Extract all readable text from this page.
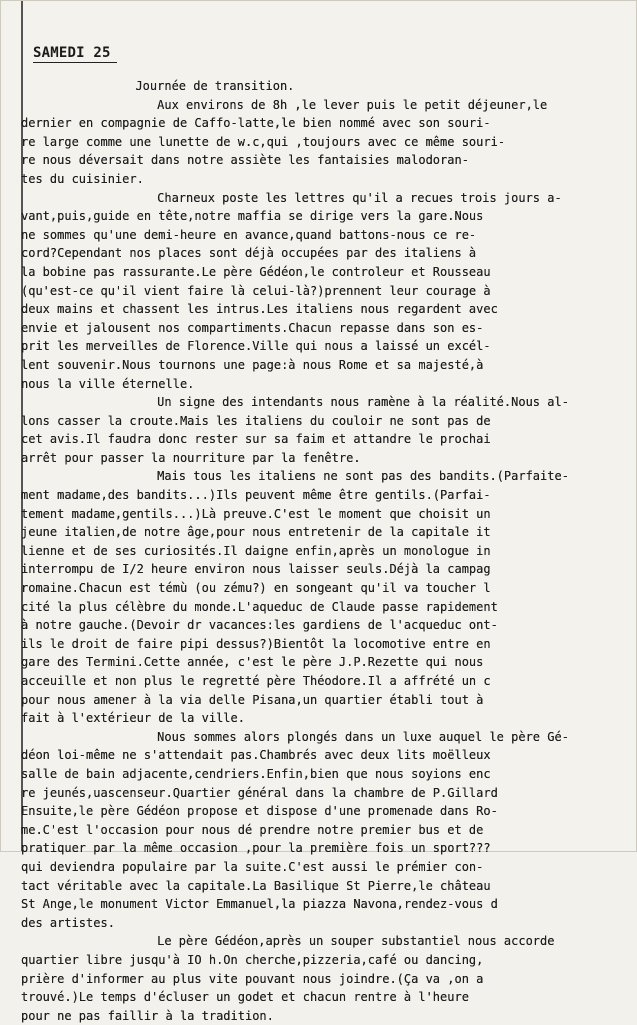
SAMEDI 25
Journée de transition.
Aux environs de 8h ,le lever puis le petit déjeuner,le
dernier en compagnie de Caffo-latte,le bien nommé avec son souri-
re large comme une lunette de w.c,qui ,toujours avec ce même souri-
re nous déversait dans notre assiète les fantaisies malodoran-
tes du cuisinier.
Charneux poste les lettres qu'il a recues trois jours a-
vant,puis,guide en tête,notre maffia se dirige vers la gare.Nous
ne sommes qu'une demi-heure en avance,quand battons-nous ce re-
cord?Cependant nos places sont déjà occupées par des italiens à
la bobine pas rassurante.Le père Gédéon,le controleur et Rousseau
(qu'est-ce qu'il vient faire là celui-là?)prennent leur courage à
deux mains et chassent les intrus.Les italiens nous regardent avec
envie et jalousent nos compartiments.Chacun repasse dans son es-
prit les merveilles de Florence.Ville qui nous a laissé un excél-
lent souvenir.Nous tournons une page:à nous Rome et sa majesté,à
nous la ville éternelle.
Un signe des intendants nous ramène à la réalité.Nous al-
lons casser la croute.Mais les italiens du couloir ne sont pas de
cet avis.Il faudra donc rester sur sa faim et attandre le prochai
arrêt pour passer la nourriture par la fenêtre.
Mais tous les italiens ne sont pas des bandits.(Parfaite-
ment madame,des bandits...)Ils peuvent même être gentils.(Parfai-
tement madame,gentils...)Là preuve.C'est le moment que choisit un
jeune italien,de notre âge,pour nous entretenir de la capitale it
lienne et de ses curiosités.Il daigne enfin,après un monologue in
interrompu de I/2 heure environ nous laisser seuls.Déjà la campag
romaine.Chacun est témù (ou zému?) en songeant qu'il va toucher l
cité la plus célèbre du monde.L'aqueduc de Claude passe rapidement
à notre gauche.(Devoir dr vacances:les gardiens de l'acqueduc ont-
ils le droit de faire pipi dessus?)Bientôt la locomotive entre en
gare des Termini.Cette année, c'est le père J.P.Rezette qui nous
acceuille et non plus le regretté père Théodore.Il a affrété un c
pour nous amener à la via delle Pisana,un quartier établi tout à
fait à l'extérieur de la ville.
Nous sommes alors plongés dans un luxe auquel le père Gé-
déon loi-même ne s'attendait pas.Chambrés avec deux lits moëlleux
salle de bain adjacente,cendriers.Enfin,bien que nous soyions enc
re jeunés,uascenseur.Quartier général dans la chambre de P.Gillard
Ensuite,le père Gédéon propose et dispose d'une promenade dans Ro-
me.C'est l'occasion pour nous dé prendre notre premier bus et de
pratiquer par la même occasion ,pour la première fois un sport???
qui deviendra populaire par la suite.C'est aussi le prémier con-
tact véritable avec la capitale.La Basilique St Pierre,le château
St Ange,le monument Victor Emmanuel,la piazza Navona,rendez-vous d
des artistes.
Le père Gédéon,après un souper substantiel nous accorde
quartier libre jusqu'à IO h.On cherche,pizzeria,café ou dancing,
prière d'informer au plus vite pouvant nous joindre.(Ça va ,on a
trouvé.)Le temps d'écluser un godet et chacun rentre à l'heure
pour ne pas faillir à la tradition.
